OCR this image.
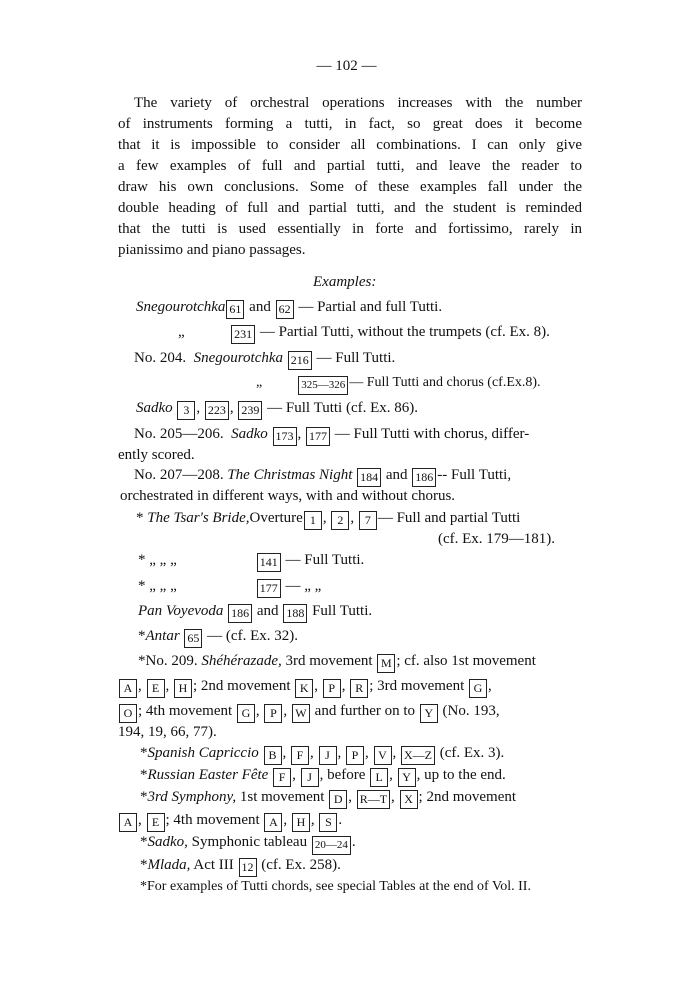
— 102 —
The variety of orchestral operations increases with the number
of instruments forming a tutti, in fact, so great does it become
that it is impossible to consider all combinations. I can only give
a few examples of full and partial tutti, and leave the reader to
draw his own conclusions. Some of these examples fall under the
double heading of full and partial tutti, and the student is reminded
that the tutti is used essentially in forte and fortissimo, rarely in
pianissimo and piano passages.
Examples:
Snegourotchka 61 and 62 — Partial and full Tutti.
„	231 — Partial Tutti, without the trumpets (cf. Ex. 8).
No. 204. Snegourotchka 216 — Full Tutti.
„	325—326 — Full Tutti and chorus (cf.Ex.8).
Sadko 3 , 223 , 239 — Full Tutti (cf. Ex. 86).
No. 205—206. Sadko 173 , 177 — Full Tutti with chorus, differ-
ently scored.
No. 207—208. The Christmas Night 184 and 186 -- Full Tutti,
orchestrated in different ways, with and without chorus.
* The Tsar's Bride,Overture 1 , 2 , 7 — Full and partial Tutti
(cf. Ex. 179—181).
* „ „ „	141 — Full Tutti.
* „ „ „	177 — „ „
Pan Voyevoda 186 and 188 Full Tutti.
*Antar 65 — (cf. Ex. 32).
*No. 209. Shéhérazade, 3rd movement M ; cf. also 1st movement
A , E , H ; 2nd movement K , P , R ; 3rd movement G ,
O ; 4th movement G , P , W and further on to Y (No. 193,
194, 19, 66, 77).
*Spanish Capriccio B , F , J , P , V , X—Z (cf. Ex. 3).
*Russian Easter Fête F , J , before L , Y , up to the end.
*3rd Symphony, 1st movement D , R—T , X ; 2nd movement
A , E ; 4th movement A , H , S .
*Sadko, Symphonic tableau 20—24 .
*Mlada, Act III 12 (cf. Ex. 258).
*For examples of Tutti chords, see special Tables at the end of Vol. II.
